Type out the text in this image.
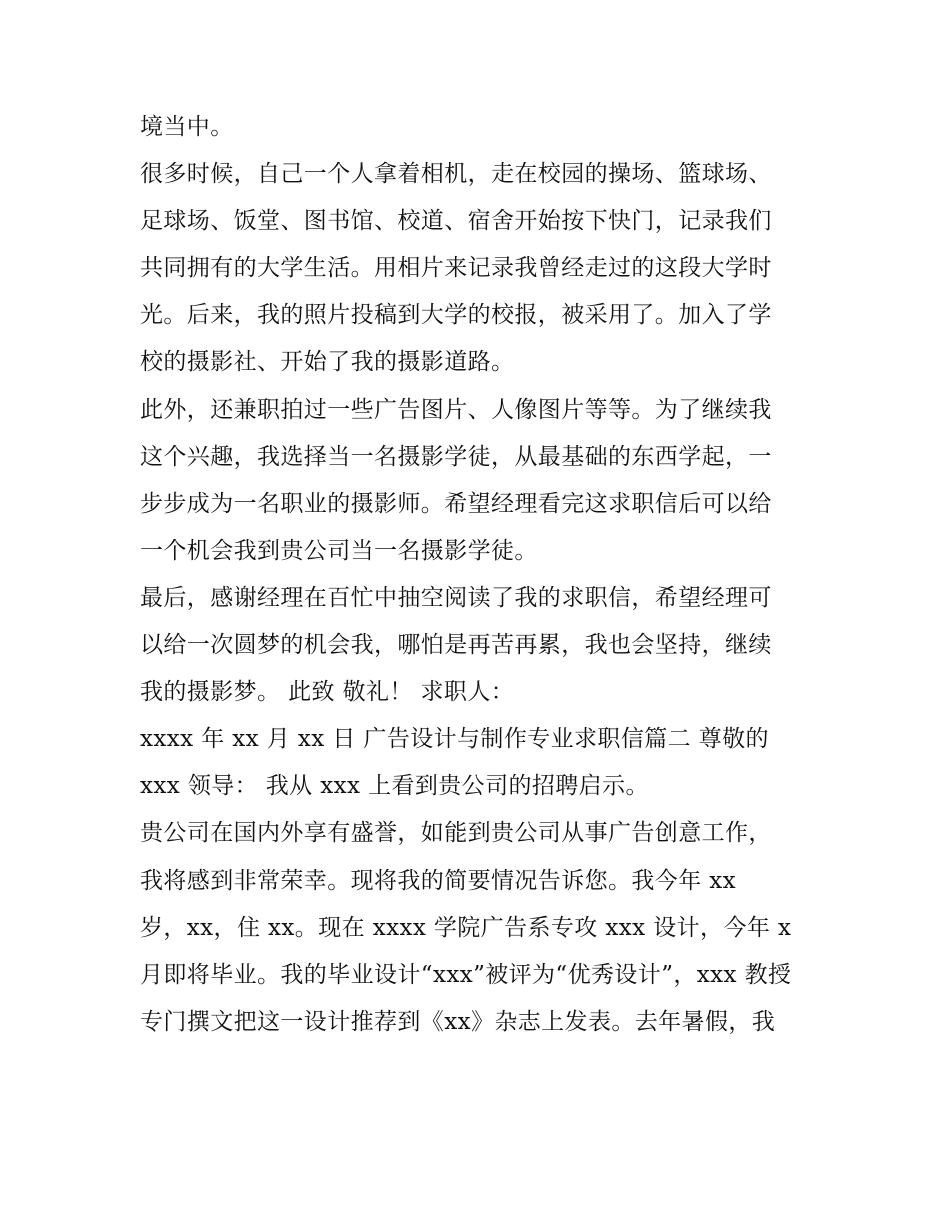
境当中。
很多时候，自己一个人拿着相机，走在校园的操场、篮球场、
足球场、饭堂、图书馆、校道、宿舍开始按下快门，记录我们
共同拥有的大学生活。用相片来记录我曾经走过的这段大学时
光。后来，我的照片投稿到大学的校报，被采用了。加入了学
校的摄影社、开始了我的摄影道路。
此外，还兼职拍过一些广告图片、人像图片等等。为了继续我
这个兴趣，我选择当一名摄影学徒，从最基础的东西学起，一
步步成为一名职业的摄影师。希望经理看完这求职信后可以给
一个机会我到贵公司当一名摄影学徒。
最后，感谢经理在百忙中抽空阅读了我的求职信，希望经理可
以给一次圆梦的机会我，哪怕是再苦再累，我也会坚持，继续
我的摄影梦。 此致 敬礼！ 求职人：
xxxx 年 xx 月 xx 日 广告设计与制作专业求职信篇二 尊敬的
xxx 领导： 我从 xxx 上看到贵公司的招聘启示。
贵公司在国内外享有盛誉，如能到贵公司从事广告创意工作，
我将感到非常荣幸。现将我的简要情况告诉您。我今年 xx
岁，xx，住 xx。现在 xxxx 学院广告系专攻 xxx 设计，今年 x
月即将毕业。我的毕业设计“xxx”被评为“优秀设计”，xxx 教授
专门撰文把这一设计推荐到《xx》杂志上发表。去年暑假，我
